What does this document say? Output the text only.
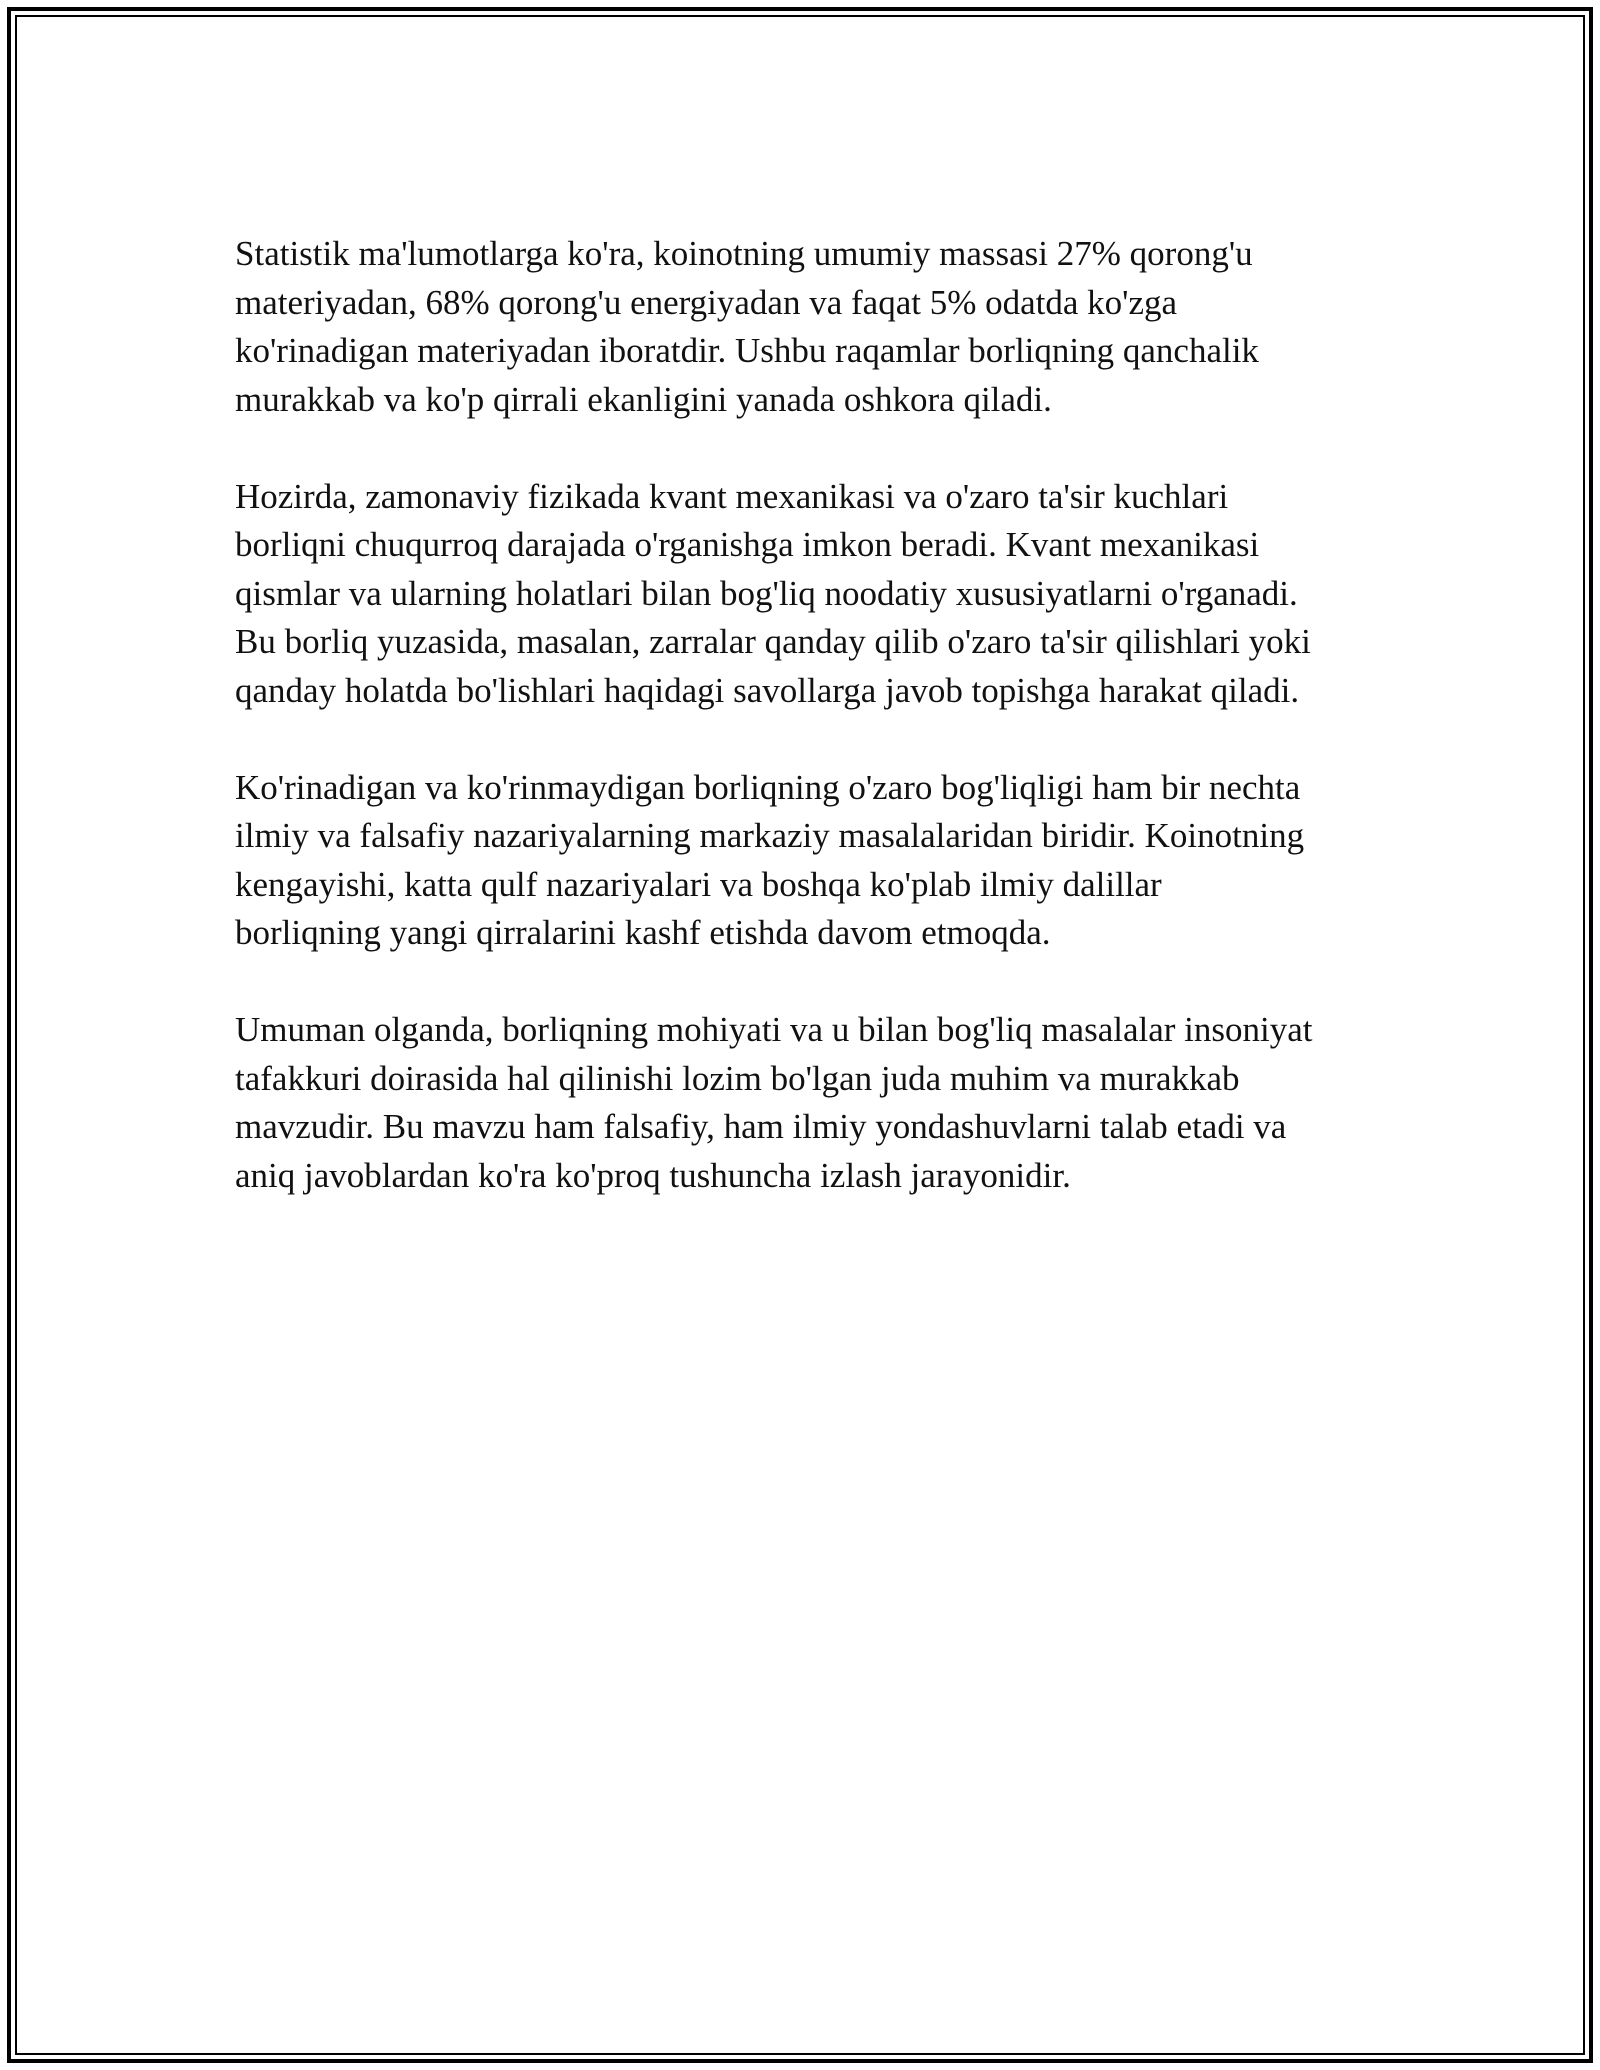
Statistik ma'lumotlarga ko'ra, koinotning umumiy massasi 27% qorong'u
materiyadan, 68% qorong'u energiyadan va faqat 5% odatda ko'zga
ko'rinadigan materiyadan iboratdir. Ushbu raqamlar borliqning qanchalik
murakkab va ko'p qirrali ekanligini yanada oshkora qiladi.

Hozirda, zamonaviy fizikada kvant mexanikasi va o'zaro ta'sir kuchlari
borliqni chuqurroq darajada o'rganishga imkon beradi. Kvant mexanikasi
qismlar va ularning holatlari bilan bog'liq noodatiy xususiyatlarni o'rganadi.
Bu borliq yuzasida, masalan, zarralar qanday qilib o'zaro ta'sir qilishlari yoki
qanday holatda bo'lishlari haqidagi savollarga javob topishga harakat qiladi.

Ko'rinadigan va ko'rinmaydigan borliqning o'zaro bog'liqligi ham bir nechta
ilmiy va falsafiy nazariyalarning markaziy masalalaridan biridir. Koinotning
kengayishi, katta qulf nazariyalari va boshqa ko'plab ilmiy dalillar
borliqning yangi qirralarini kashf etishda davom etmoqda.

Umuman olganda, borliqning mohiyati va u bilan bog'liq masalalar insoniyat
tafakkuri doirasida hal qilinishi lozim bo'lgan juda muhim va murakkab
mavzudir. Bu mavzu ham falsafiy, ham ilmiy yondashuvlarni talab etadi va
aniq javoblardan ko'ra ko'proq tushuncha izlash jarayonidir.
